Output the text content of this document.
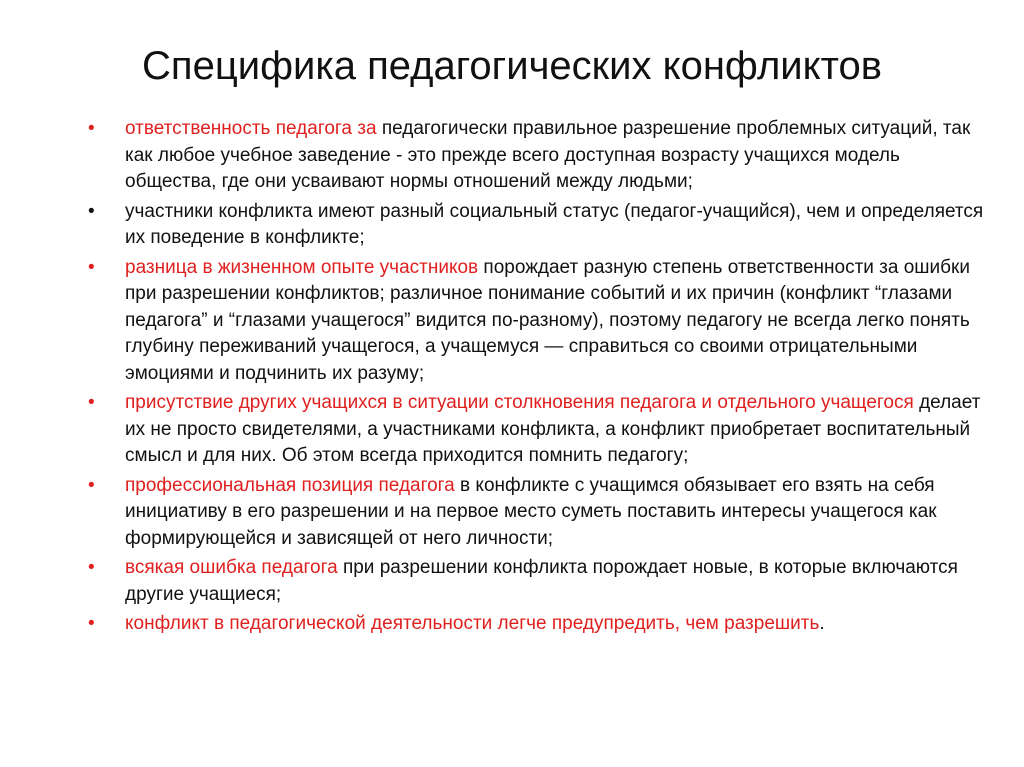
Специфика педагогических конфликтов
• ответственность педагога за педагогически правильное разрешение проблемных ситуаций, так как любое учебное заведение - это прежде всего доступная возрасту учащихся модель общества, где они усваивают нормы отношений между людьми;
• участники конфликта имеют разный социальный статус (педагог-учащийся), чем и определяется их поведение в конфликте;
• разница в жизненном опыте участников порождает разную степень ответственности за ошибки при разрешении конфликтов; различное понимание событий и их причин (конфликт “глазами педагога” и “глазами учащегося” видится по-разному), поэтому педагогу не всегда легко понять глубину переживаний учащегося, а учащемуся — справиться со своими отрицательными эмоциями и подчинить их разуму;
• присутствие других учащихся в ситуации столкновения педагога и отдельного учащегося делает их не просто свидетелями, а участниками конфликта, а конфликт приобретает воспитательный смысл и для них. Об этом всегда приходится помнить педагогу;
• профессиональная позиция педагога в конфликте с учащимся обязывает его взять на себя инициативу в его разрешении и на первое место суметь поставить интересы учащегося как формирующейся и зависящей от него личности;
• всякая ошибка педагога при разрешении конфликта порождает новые, в которые включаются другие учащиеся;
• конфликт в педагогической деятельности легче предупредить, чем разрешить.
